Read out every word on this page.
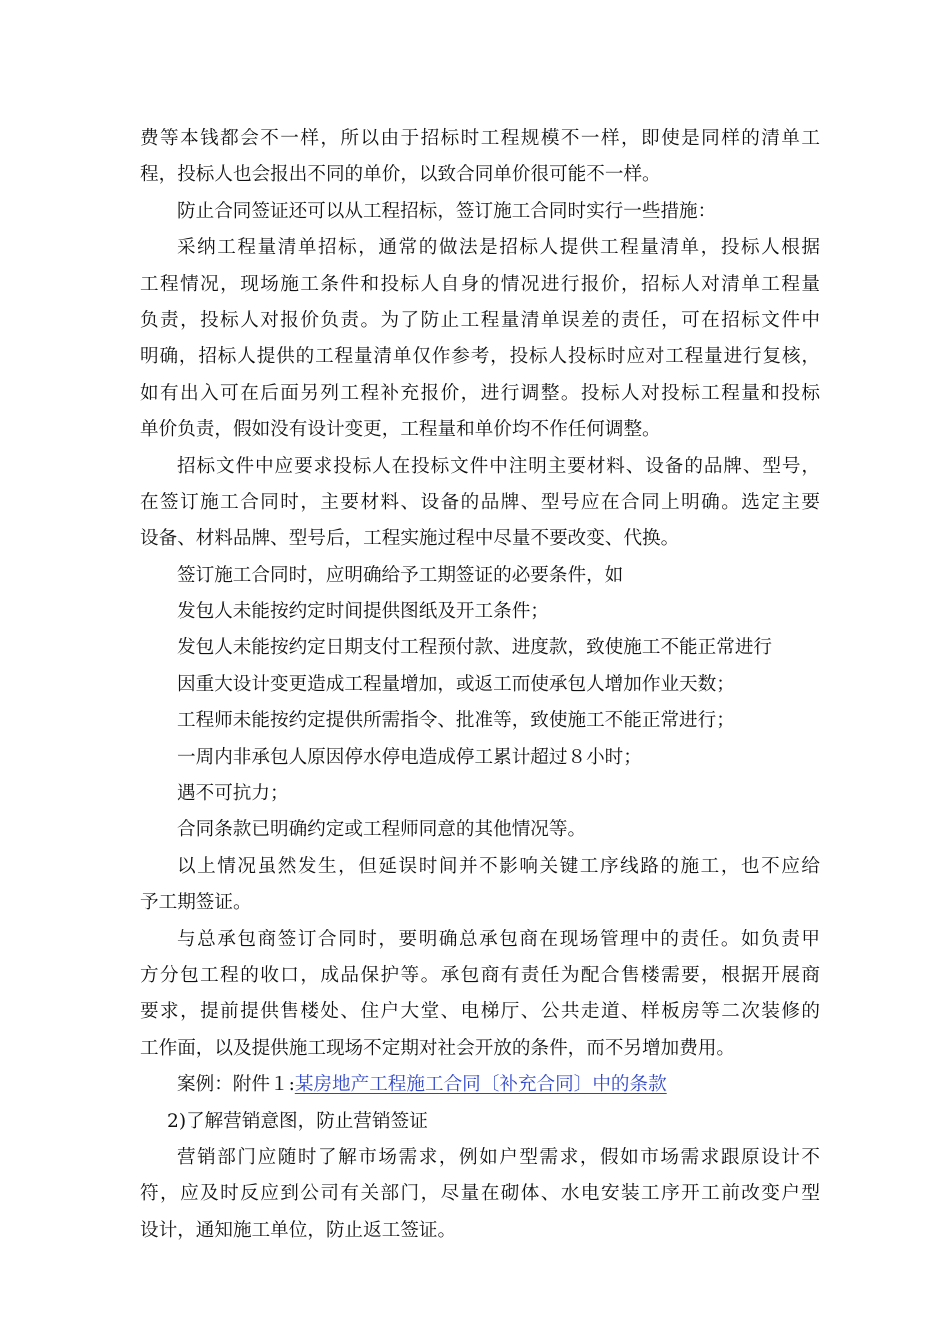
费等本钱都会不一样，所以由于招标时工程规模不一样，即使是同样的清单工
程，投标人也会报出不同的单价，以致合同单价很可能不一样。
防止合同签证还可以从工程招标，签订施工合同时实行一些措施：
采纳工程量清单招标，通常的做法是招标人提供工程量清单，投标人根据
工程情况，现场施工条件和投标人自身的情况进行报价，招标人对清单工程量
负责，投标人对报价负责。为了防止工程量清单误差的责任，可在招标文件中
明确，招标人提供的工程量清单仅作参考，投标人投标时应对工程量进行复核，
如有出入可在后面另列工程补充报价，进行调整。投标人对投标工程量和投标
单价负责，假如没有设计变更，工程量和单价均不作任何调整。
招标文件中应要求投标人在投标文件中注明主要材料、设备的品牌、型号，
在签订施工合同时，主要材料、设备的品牌、型号应在合同上明确。选定主要
设备、材料品牌、型号后，工程实施过程中尽量不要改变、代换。
签订施工合同时，应明确给予工期签证的必要条件，如
发包人未能按约定时间提供图纸及开工条件；
发包人未能按约定日期支付工程预付款、进度款，致使施工不能正常进行
因重大设计变更造成工程量增加，或返工而使承包人增加作业天数；
工程师未能按约定提供所需指令、批准等，致使施工不能正常进行；
一周内非承包人原因停水停电造成停工累计超过８小时；
遇不可抗力；
合同条款已明确约定或工程师同意的其他情况等。
以上情况虽然发生，但延误时间并不影响关键工序线路的施工，也不应给
予工期签证。
与总承包商签订合同时，要明确总承包商在现场管理中的责任。如负责甲
方分包工程的收口，成品保护等。承包商有责任为配合售楼需要，根据开展商
要求，提前提供售楼处、住户大堂、电梯厅、公共走道、样板房等二次装修的
工作面，以及提供施工现场不定期对社会开放的条件，而不另增加费用。
案例：附件１:某房地产工程施工合同〔补充合同〕中的条款
2)了解营销意图，防止营销签证
营销部门应随时了解市场需求，例如户型需求，假如市场需求跟原设计不
符，应及时反应到公司有关部门，尽量在砌体、水电安装工序开工前改变户型
设计，通知施工单位，防止返工签证。
